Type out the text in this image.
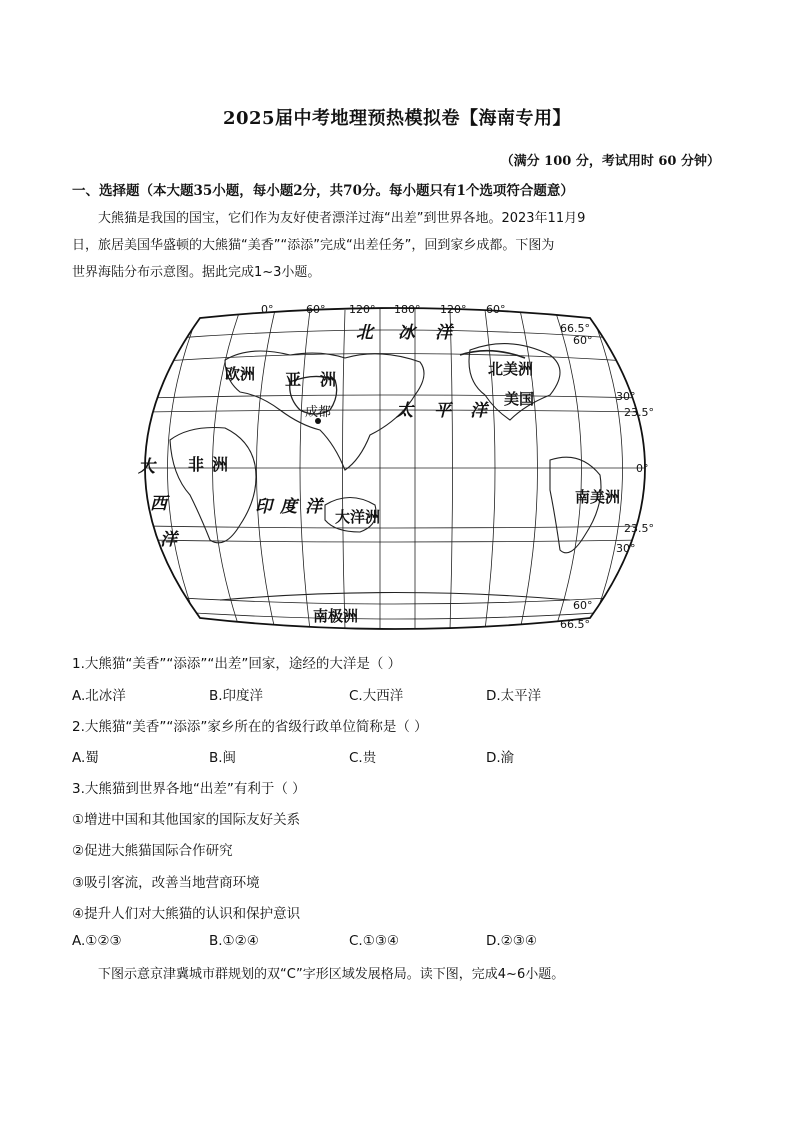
2025届中考地理预热模拟卷【海南专用】
（满分 100 分，考试用时 60 分钟）
一、选择题（本大题35小题，每小题2分，共70分。每小题只有1个选项符合题意）
大熊猫是我国的国宝，它们作为友好使者漂洋过海“出差”到世界各地。2023年11月9
日，旅居美国华盛顿的大熊猫“美香”“添添”完成“出差任务”，回到家乡成都。下图为
世界海陆分布示意图。据此完成1~3小题。
0°	60° 120° 180° 120° 60°
66.5°
60°
30°
23.5°
0°
23.5°
30°
60°
66.5°
北 冰 洋
欧洲 亚 洲
北美洲
美国
成都	太 平 洋
大
西
洋
非 洲
印 度 洋 大洋洲
南美洲
南极洲
1.大熊猫“美香”“添添”“出差”回家，途经的大洋是（ ）
A.北冰洋	B.印度洋	C.大西洋	D.太平洋
2.大熊猫“美香”“添添”家乡所在的省级行政单位简称是（ ）
A.蜀	B.闽	C.贵	D.渝
3.大熊猫到世界各地“出差”有利于（ ）
①增进中国和其他国家的国际友好关系
②促进大熊猫国际合作研究
③吸引客流，改善当地营商环境
④提升人们对大熊猫的认识和保护意识
A.①②③	B.①②④	C.①③④	D.②③④
下图示意京津冀城市群规划的双“C”字形区域发展格局。读下图，完成4~6小题。
